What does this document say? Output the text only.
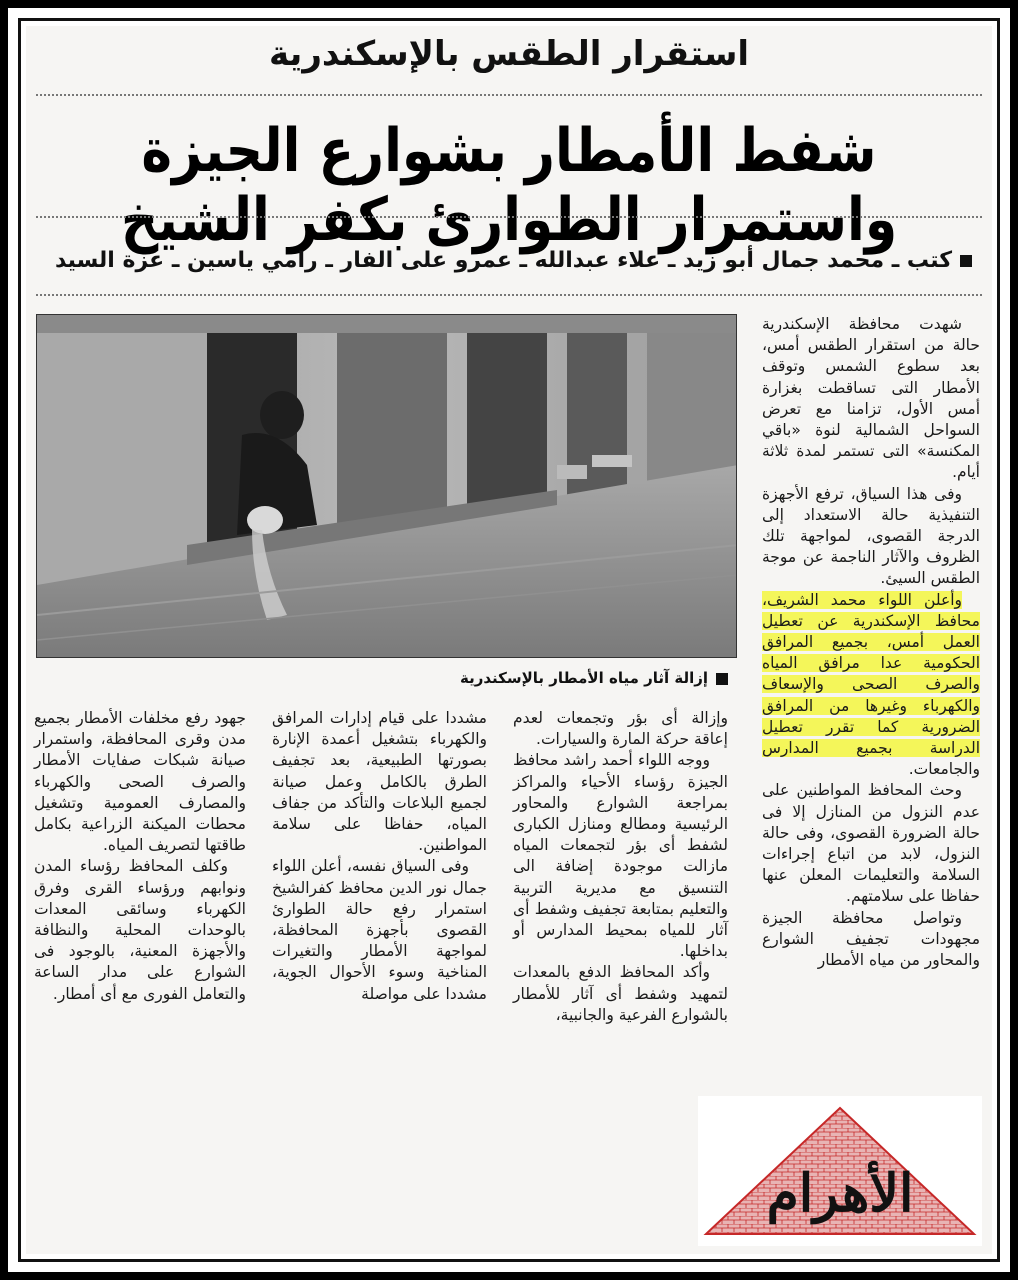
استقرار الطقس بالإسكندرية
شفط الأمطار بشوارع الجيزة واستمرار الطوارئ بكفر الشيخ
كتب ـ محمد جمال أبو زيد ـ علاء عبدالله ـ عمرو على الفار ـ رامي ياسين ـ عزة السيد
إزالة آثار مياه الأمطار بالإسكندرية

شهدت محافظة الإسكندرية حالة من استقرار الطقس أمس، بعد سطوع الشمس وتوقف الأمطار التى تساقطت بغزارة أمس الأول، تزامنا مع تعرض السواحل الشمالية لنوة «باقي المكنسة» التى تستمر لمدة ثلاثة أيام.

وفى هذا السياق، ترفع الأجهزة التنفيذية حالة الاستعداد إلى الدرجة القصوى، لمواجهة تلك الظروف والآثار الناجمة عن موجة الطقس السيئ.

وأعلن اللواء محمد الشريف، محافظ الإسكندرية عن تعطيل العمل أمس، بجميع المرافق الحكومية عدا مرافق المياه والصرف الصحى والإسعاف والكهرباء وغيرها من المرافق الضرورية كما تقرر تعطيل الدراسة بجميع المدارس والجامعات.

وحث المحافظ المواطنين على عدم النزول من المنازل إلا فى حالة الضرورة القصوى، وفى حالة النزول، لابد من اتباع إجراءات السلامة والتعليمات المعلن عنها حفاظا على سلامتهم.

وتواصل محافظة الجيزة مجهودات تجفيف الشوارع والمحاور من مياه الأمطار

وإزالة أى بؤر وتجمعات لعدم إعاقة حركة المارة والسيارات.

ووجه اللواء أحمد راشد محافظ الجيزة رؤساء الأحياء والمراكز بمراجعة الشوارع والمحاور الرئيسية ومطالع ومنازل الكبارى لشفط أى بؤر لتجمعات المياه مازالت موجودة إضافة الى التنسيق مع مديرية التربية والتعليم بمتابعة تجفيف وشفط أى آثار للمياه بمحيط المدارس أو بداخلها.

وأكد المحافظ الدفع بالمعدات لتمهيد وشفط أى آثار للأمطار بالشوارع الفرعية والجانبية،

مشددا على قيام إدارات المرافق والكهرباء بتشغيل أعمدة الإنارة بصورتها الطبيعية، بعد تجفيف الطرق بالكامل وعمل صيانة لجميع البلاعات والتأكد من جفاف المياه، حفاظا على سلامة المواطنين.

وفى السياق نفسه، أعلن اللواء جمال نور الدين محافظ كفرالشيخ استمرار رفع حالة الطوارئ القصوى بأجهزة المحافظة، لمواجهة الأمطار والتغيرات المناخية وسوء الأحوال الجوية، مشددا على مواصلة

جهود رفع مخلفات الأمطار بجميع مدن وقرى المحافظة، واستمرار صيانة شبكات صفايات الأمطار والصرف الصحى والكهرباء والمصارف العمومية وتشغيل محطات الميكنة الزراعية بكامل طاقتها لتصريف المياه.

وكلف المحافظ رؤساء المدن ونوابهم ورؤساء القرى وفرق الكهرباء وسائقى المعدات بالوحدات المحلية والنظافة والأجهزة المعنية، بالوجود فى الشوارع على مدار الساعة والتعامل الفورى مع أى أمطار.

الأهرام
